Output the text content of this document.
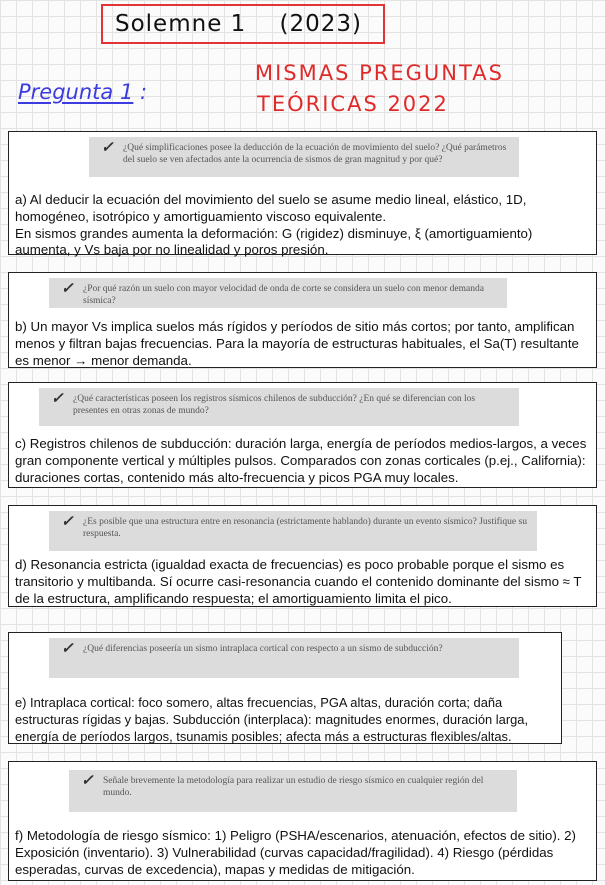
Solemne 1    (2023)
Pregunta 1 :
MISMAS PREGUNTAS
TEÓRICAS 2022
✓ ¿Qué simplificaciones posee la deducción de la ecuación de movimiento del suelo? ¿Qué parámetros del suelo se ven afectados ante la ocurrencia de sismos de gran magnitud y por qué?
a) Al deducir la ecuación del movimiento del suelo se asume medio lineal, elástico, 1D, homogéneo, isotrópico y amortiguamiento viscoso equivalente.
En sismos grandes aumenta la deformación: G (rigidez) disminuye, ξ (amortiguamiento) aumenta, y Vs baja por no linealidad y poros presión.
✓ ¿Por qué razón un suelo con mayor velocidad de onda de corte se considera un suelo con menor demanda sísmica?
b) Un mayor Vs implica suelos más rígidos y períodos de sitio más cortos; por tanto, amplifican menos y filtran bajas frecuencias. Para la mayoría de estructuras habituales, el Sa(T) resultante es menor → menor demanda.
✓ ¿Qué características poseen los registros sísmicos chilenos de subducción? ¿En qué se diferencian con los presentes en otras zonas de mundo?
c) Registros chilenos de subducción: duración larga, energía de períodos medios-largos, a veces gran componente vertical y múltiples pulsos. Comparados con zonas corticales (p.ej., California): duraciones cortas, contenido más alto-frecuencia y picos PGA muy locales.
✓ ¿Es posible que una estructura entre en resonancia (estrictamente hablando) durante un evento sísmico? Justifique su respuesta.
d) Resonancia estricta (igualdad exacta de frecuencias) es poco probable porque el sismo es transitorio y multibanda. Sí ocurre casi-resonancia cuando el contenido dominante del sismo ≈ T de la estructura, amplificando respuesta; el amortiguamiento limita el pico.
✓ ¿Qué diferencias poseería un sismo intraplaca cortical con respecto a un sismo de subducción?
e) Intraplaca cortical: foco somero, altas frecuencias, PGA altas, duración corta; daña estructuras rígidas y bajas. Subducción (interplaca): magnitudes enormes, duración larga, energía de períodos largos, tsunamis posibles; afecta más a estructuras flexibles/altas.
✓ Señale brevemente la metodología para realizar un estudio de riesgo sísmico en cualquier región del mundo.
f) Metodología de riesgo sísmico: 1) Peligro (PSHA/escenarios, atenuación, efectos de sitio). 2) Exposición (inventario). 3) Vulnerabilidad (curvas capacidad/fragilidad). 4) Riesgo (pérdidas esperadas, curvas de excedencia), mapas y medidas de mitigación.
